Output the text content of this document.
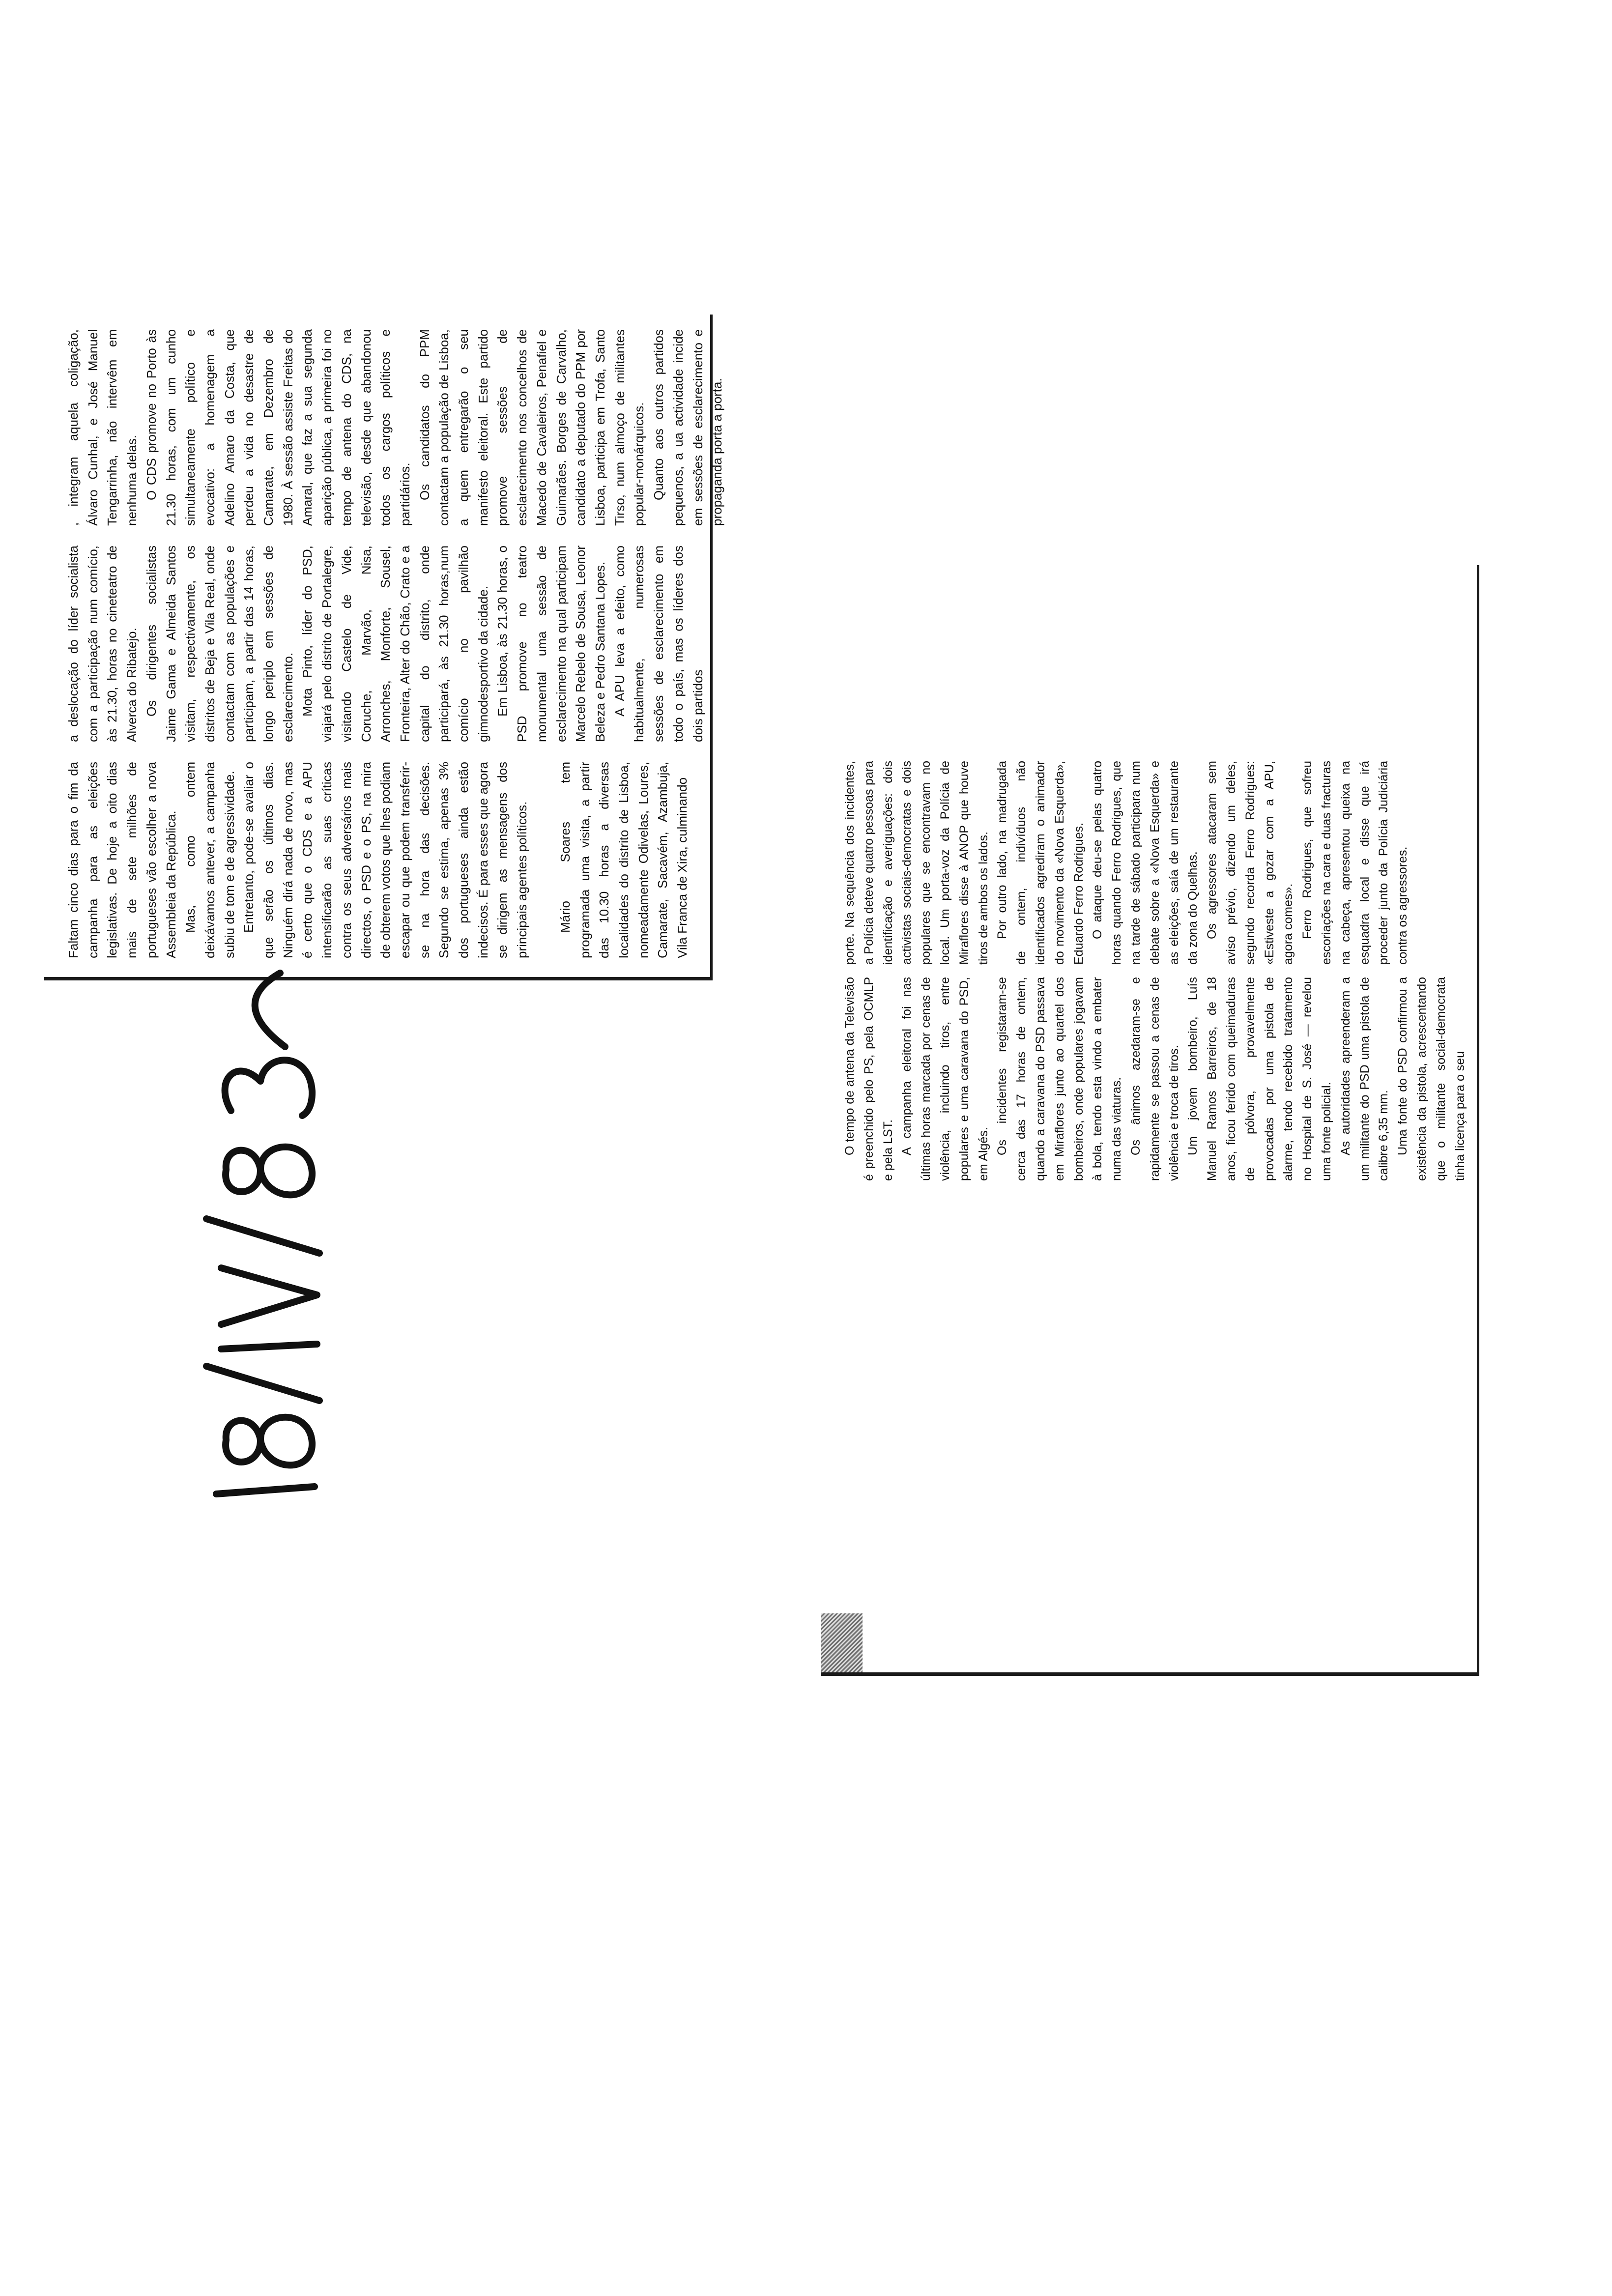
Faltam cinco dias para o fim da campanha para as eleições legislativas. De hoje a oito dias mais de sete milhões de portugueses vão escolher a nova Assembleia da República. Mas, como ontem deixávamos antever, a campanha subiu de tom e de agressividade. Entretanto, pode-se avaliar o que serão os últimos dias. Ninguém dirá nada de novo, mas é certo que o CDS e a APU intensificarão as suas críticas contra os seus adversários mais directos, o PSD e o PS, na mira de obterem votos que lhes podiam escapar ou que podem transferir-se na hora das decisões. Segundo se estima, apenas 3% dos portugueses ainda estão indecisos. É para esses que agora se dirigem as mensagens dos principais agentes políticos. Mário Soares tem programada uma visita, a partir das 10.30 horas a diversas localidades do distrito de Lisboa, nomeadamente Odivelas, Loures, Camarate, Sacavém, Azambuja, Vila Franca de Xira, culminando

a deslocação do líder socialista com a participação num comício, às 21.30, horas no cineteatro de Alverca do Ribatejo. Os dirigentes socialistas Jaime Gama e Almeida Santos visitam, respectivamente, os distritos de Beja e Vila Real, onde contactam com as populações e participam, a partir das 14 horas, longo periplo em sessões de esclarecimento. Mota Pinto, líder do PSD, viajará pelo distrito de Portalegre, visitando Castelo de Vide, Coruche, Marvão, Nisa, Arronches, Monforte, Sousel, Fronteira, Alter do Chão, Crato e a capital do distrito, onde participará, às 21.30 horas,num comício no pavilhão gimnodesportivo da cidade. Em Lisboa, às 21.30 horas, o PSD promove no teatro monumental uma sessão de esclarecimento na qual participam Marcelo Rebelo de Sousa, Leonor Beleza e Pedro Santana Lopes. A APU leva a efeito, como habitualmente, numerosas sessões de esclarecimento em todo o país, mas os líderes dos dois partidos

, integram aquela coligação, Álvaro Cunhal, e José Manuel Tengarrinha, não intervêm em nenhuma delas. O CDS promove no Porto às 21.30 horas, com um cunho simultaneamente político e evocativo: a homenagem a Adelino Amaro da Costa, que perdeu a vida no desastre de Camarate, em Dezembro de 1980. À sessão assiste Freitas do Amaral, que faz a sua segunda aparição pública, a primeira foi no tempo de antena do CDS, na televisão, desde que abandonou todos os cargos políticos e partidários. Os candidatos do PPM contactam a população de Lisboa, a quem entregarão o seu manifesto eleitoral. Este partido promove sessões de esclarecimento nos concelhos de Macedo de Cavaleiros, Penafiel e Guimarães. Borges de Carvalho, candidato a deputado do PPM por Lisboa, participa em Trofa, Santo Tirso, num almoço de militantes popular-monárquicos. Quanto aos outros partidos pequenos, a ua actividade incide em sessões de esclarecimento e propaganda porta a porta.

O tempo de antena da Televisão é preenchido pelo PS, pela OCMLP e pela LST. A campanha eleitoral foi nas últimas horas marcada por cenas de violência, incluindo tiros, entre populares e uma caravana do PSD, em Algés. Os incidentes registaram-se cerca das 17 horas de ontem, quando a caravana do PSD passava em Miraflores junto ao quartel dos bombeiros, onde populares jogavam à bola, tendo esta vindo a embater numa das viaturas. Os ânimos azedaram-se e rapidamente se passou a cenas de violência e troca de tiros. Um jovem bombeiro, Luís Manuel Ramos Barreiros, de 18 anos, ficou ferido com queimaduras de pólvora, provavelmente provocadas por uma pistola de alarme, tendo recebido tratamento no Hospital de S. José — revelou uma fonte policial. As autoridades apreenderam a um militante do PSD uma pistola de calibre 6,35 mm. Uma fonte do PSD confirmou a existência da pistola, acrescentando que o militante social-democrata tinha licença para o seu

porte. Na sequência dos incidentes, a Polícia deteve quatro pessoas para identificação e averiguações: dois activistas sociais-democratas e dois populares que se encontravam no local. Um porta-voz da Polícia de Miraflores disse à ANOP que houve tiros de ambos os lados. Por outro lado, na madrugada de ontem, indivíduos não identificados agrediram o animador do movimento da «Nova Esquerda», Eduardo Ferro Rodrigues. O ataque deu-se pelas quatro horas quando Ferro Rodrigues, que na tarde de sábado participara num debate sobre a «Nova Esquerda» e as eleições, saía de um restaurante da zona do Quelhas. Os agressores atacaram sem aviso prévio, dizendo um deles, segundo recorda Ferro Rodrigues: «Estiveste a gozar com a APU, agora comes». Ferro Rodrigues, que sofreu escoriações na cara e duas fracturas na cabeça, apresentou queixa na esquadra local e disse que irá proceder junto da Polícia Judiciária contra os agressores.
